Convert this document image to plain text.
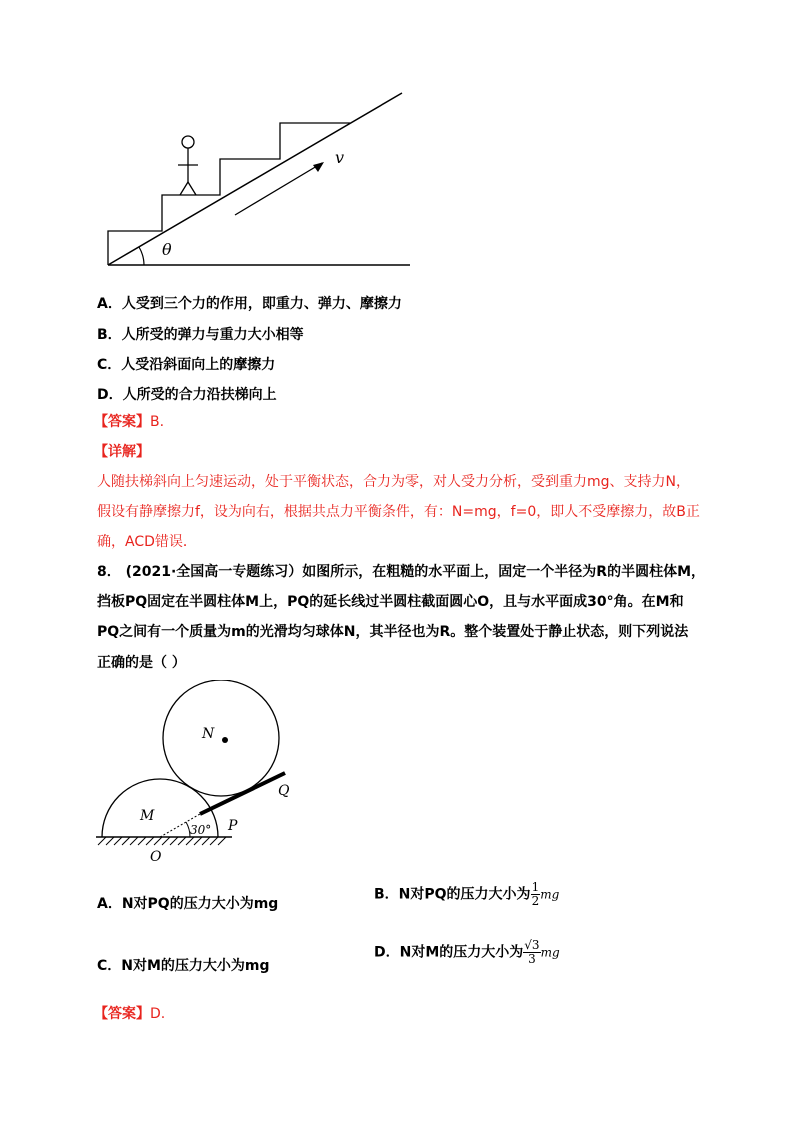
v
θ
A．人受到三个力的作用，即重力、弹力、摩擦力
B．人所受的弹力与重力大小相等
C．人受沿斜面向上的摩擦力
D．人所受的合力沿扶梯向上
【答案】B.
【详解】
人随扶梯斜向上匀速运动，处于平衡状态，合力为零，对人受力分析，受到重力mg、支持力N，
假设有静摩擦力f，设为向右，根据共点力平衡条件，有：N=mg，f=0，即人不受摩擦力，故B正
确，ACD错误．
8． (2021·全国高一专题练习）如图所示，在粗糙的水平面上，固定一个半径为R的半圆柱体M，
挡板PQ固定在半圆柱体M上，PQ的延长线过半圆柱截面圆心O，且与水平面成30°角。在M和
PQ之间有一个质量为m的光滑均匀球体N，其半径也为R。整个装置处于静止状态，则下列说法
正确的是（ ）
N
M
Q
P
O
30°
A．N对PQ的压力大小为mg
B．N对PQ的压力大小为 $\frac{1}{2}$ mg
C．N对M的压力大小为mg
D．N对M的压力大小为 $\frac{√3}{3}$ mg
【答案】D.
